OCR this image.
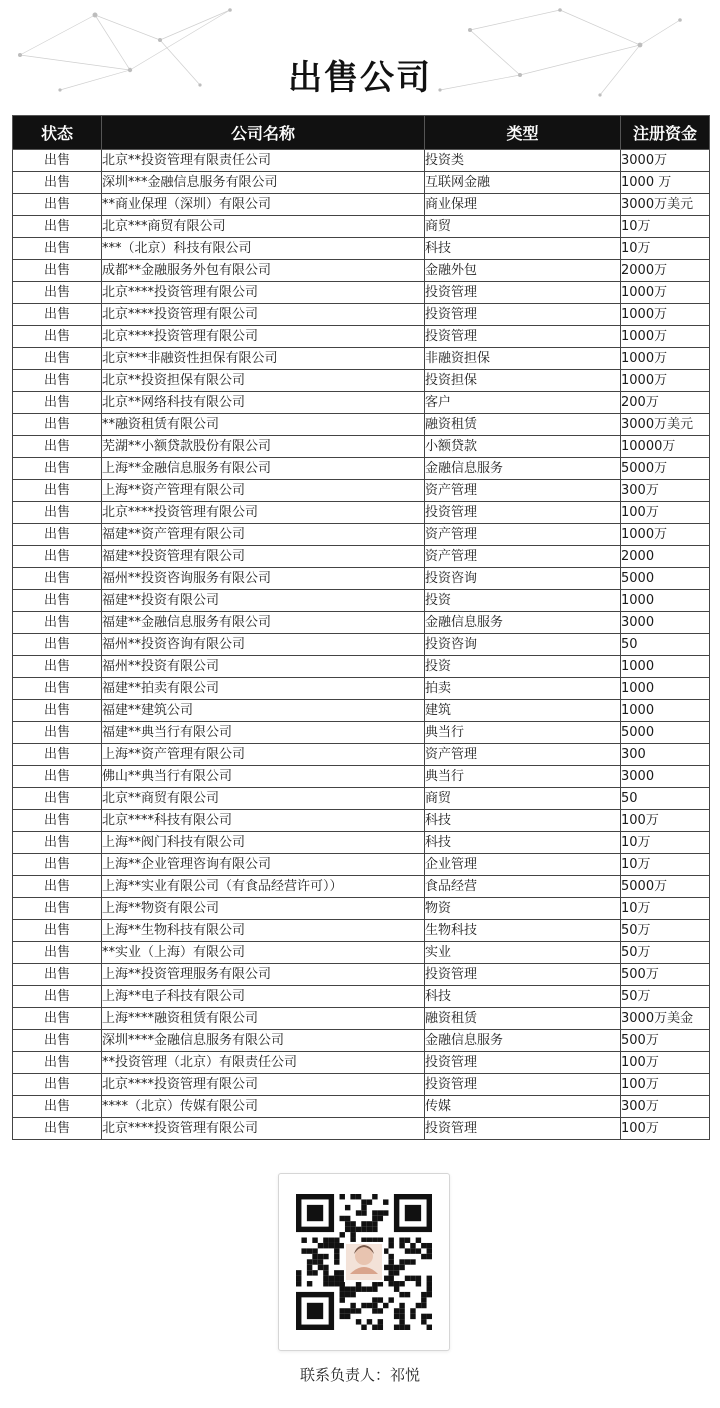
出售公司
状态	公司名称	类型	注册资金
出售	北京**投资管理有限责任公司	投资类	3000万
出售	深圳***金融信息服务有限公司	互联网金融	1000 万
出售	**商业保理（深圳）有限公司	商业保理	3000万美元
出售	北京***商贸有限公司	商贸	10万
出售	***（北京）科技有限公司	科技	10万
出售	成都**金融服务外包有限公司	金融外包	2000万
出售	北京****投资管理有限公司	投资管理	1000万
出售	北京****投资管理有限公司	投资管理	1000万
出售	北京****投资管理有限公司	投资管理	1000万
出售	北京***非融资性担保有限公司	非融资担保	1000万
出售	北京**投资担保有限公司	投资担保	1000万
出售	北京**网络科技有限公司	客户	200万
出售	**融资租赁有限公司	融资租赁	3000万美元
出售	芜湖**小额贷款股份有限公司	小额贷款	10000万
出售	上海**金融信息服务有限公司	金融信息服务	5000万
出售	上海**资产管理有限公司	资产管理	300万
出售	北京****投资管理有限公司	投资管理	100万
出售	福建**资产管理有限公司	资产管理	1000万
出售	福建**投资管理有限公司	资产管理	2000
出售	福州**投资咨询服务有限公司	投资咨询	5000
出售	福建**投资有限公司	投资	1000
出售	福建**金融信息服务有限公司	金融信息服务	3000
出售	福州**投资咨询有限公司	投资咨询	50
出售	福州**投资有限公司	投资	1000
出售	福建**拍卖有限公司	拍卖	1000
出售	福建**建筑公司	建筑	1000
出售	福建**典当行有限公司	典当行	5000
出售	上海**资产管理有限公司	资产管理	300
出售	佛山**典当行有限公司	典当行	3000
出售	北京**商贸有限公司	商贸	50
出售	北京****科技有限公司	科技	100万
出售	上海**阀门科技有限公司	科技	10万
出售	上海**企业管理咨询有限公司	企业管理	10万
出售	上海**实业有限公司（有食品经营许可））	食品经营	5000万
出售	上海**物资有限公司	物资	10万
出售	上海**生物科技有限公司	生物科技	50万
出售	**实业（上海）有限公司	实业	50万
出售	上海**投资管理服务有限公司	投资管理	500万
出售	上海**电子科技有限公司	科技	50万
出售	上海****融资租赁有限公司	融资租赁	3000万美金
出售	深圳****金融信息服务有限公司	金融信息服务	500万
出售	**投资管理（北京）有限责任公司	投资管理	100万
出售	北京****投资管理有限公司	投资管理	100万
出售	****（北京）传媒有限公司	传媒	300万
出售	北京****投资管理有限公司	投资管理	100万
联系负责人：祁悦
